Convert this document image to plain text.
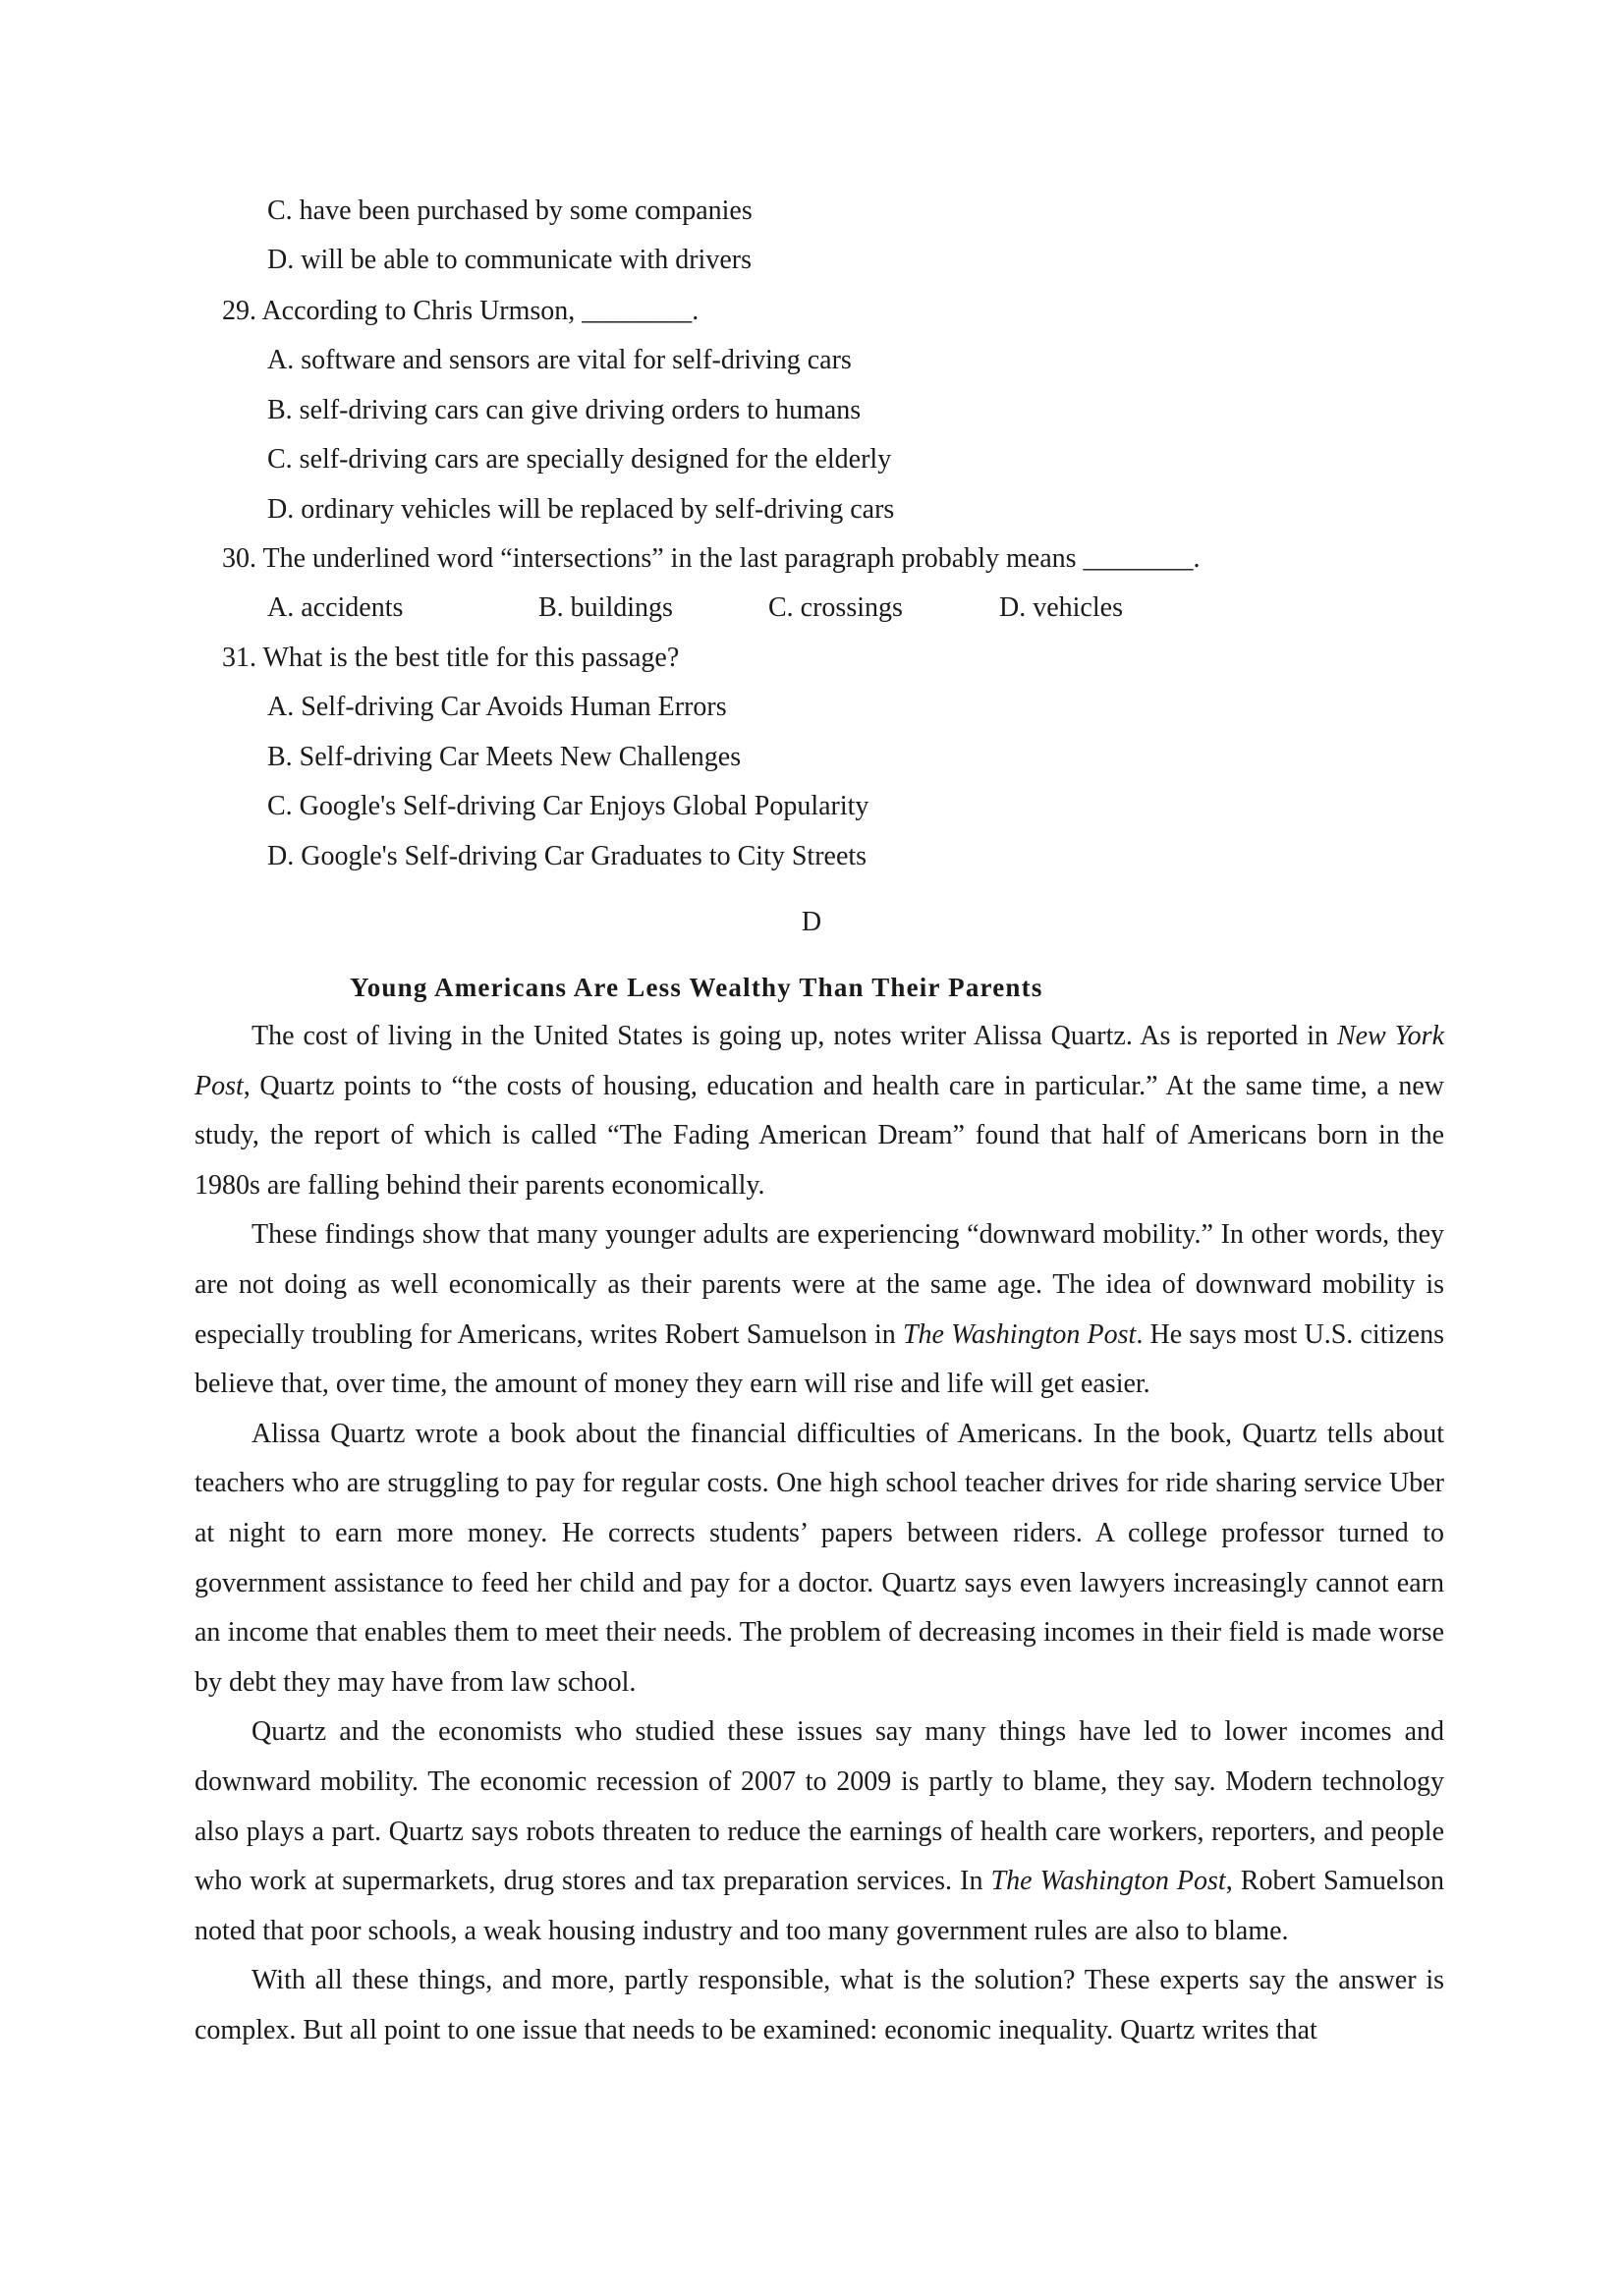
C. have been purchased by some companies
D. will be able to communicate with drivers
29. According to Chris Urmson, ________.
A. software and sensors are vital for self-driving cars
B. self-driving cars can give driving orders to humans
C. self-driving cars are specially designed for the elderly
D. ordinary vehicles will be replaced by self-driving cars
30. The underlined word “intersections” in the last paragraph probably means ________.
A. accidents	B. buildings	C. crossings	D. vehicles
31. What is the best title for this passage?
A. Self-driving Car Avoids Human Errors
B. Self-driving Car Meets New Challenges
C. Google's Self-driving Car Enjoys Global Popularity
D. Google's Self-driving Car Graduates to City Streets
D
Young Americans Are Less Wealthy Than Their Parents

The cost of living in the United States is going up, notes writer Alissa Quartz. As is reported in New York Post, Quartz points to “the costs of housing, education and health care in particular.” At the same time, a new study, the report of which is called “The Fading American Dream” found that half of Americans born in the 1980s are falling behind their parents economically.

These findings show that many younger adults are experiencing “downward mobility.” In other words, they are not doing as well economically as their parents were at the same age. The idea of downward mobility is especially troubling for Americans, writes Robert Samuelson in The Washington Post. He says most U.S. citizens believe that, over time, the amount of money they earn will rise and life will get easier.

Alissa Quartz wrote a book about the financial difficulties of Americans. In the book, Quartz tells about teachers who are struggling to pay for regular costs. One high school teacher drives for ride sharing service Uber at night to earn more money. He corrects students’ papers between riders. A college professor turned to government assistance to feed her child and pay for a doctor. Quartz says even lawyers increasingly cannot earn an income that enables them to meet their needs. The problem of decreasing incomes in their field is made worse by debt they may have from law school.

Quartz and the economists who studied these issues say many things have led to lower incomes and downward mobility. The economic recession of 2007 to 2009 is partly to blame, they say. Modern technology also plays a part. Quartz says robots threaten to reduce the earnings of health care workers, reporters, and people who work at supermarkets, drug stores and tax preparation services. In The Washington Post, Robert Samuelson noted that poor schools, a weak housing industry and too many government rules are also to blame.

With all these things, and more, partly responsible, what is the solution? These experts say the answer is complex. But all point to one issue that needs to be examined: economic inequality. Quartz writes that
